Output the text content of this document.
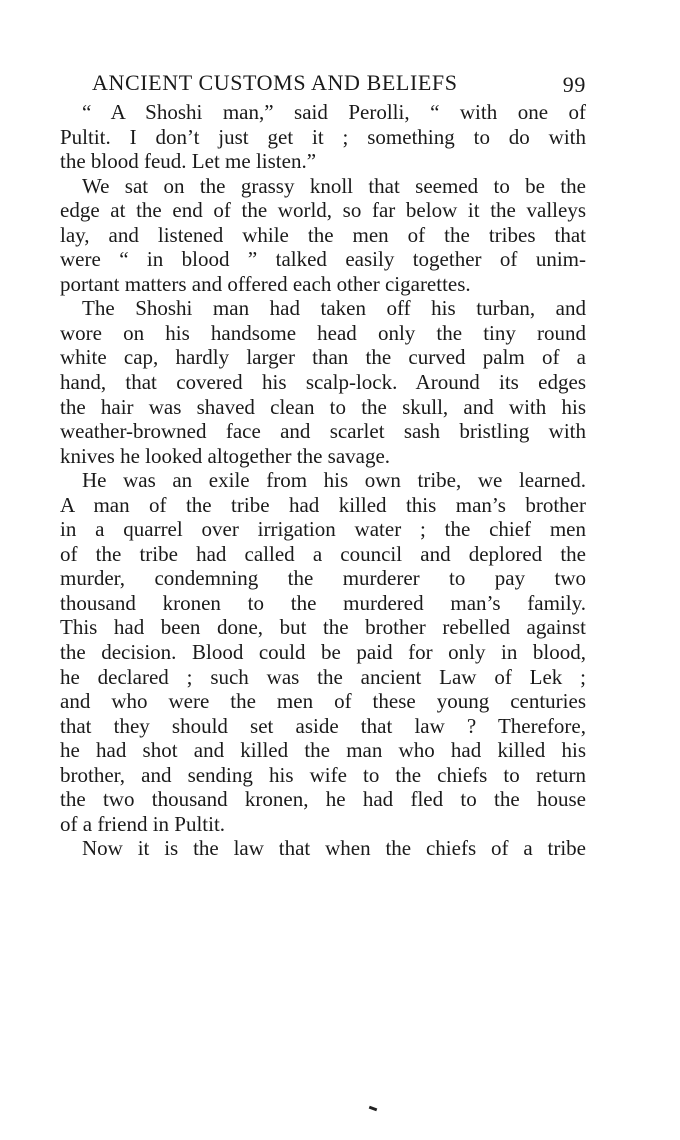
ANCIENT CUSTOMS AND BELIEFS	99
“ A Shoshi man,” said Perolli, “ with one of
Pultit. I don’t just get it ; something to do with
the blood feud. Let me listen.”
We sat on the grassy knoll that seemed to be the
edge at the end of the world, so far below it the valleys
lay, and listened while the men of the tribes that
were “ in blood ” talked easily together of unim-
portant matters and offered each other cigarettes.
The Shoshi man had taken off his turban, and
wore on his handsome head only the tiny round
white cap, hardly larger than the curved palm of a
hand, that covered his scalp-lock. Around its edges
the hair was shaved clean to the skull, and with his
weather-browned face and scarlet sash bristling with
knives he looked altogether the savage.
He was an exile from his own tribe, we learned.
A man of the tribe had killed this man’s brother
in a quarrel over irrigation water ; the chief men
of the tribe had called a council and deplored the
murder, condemning the murderer to pay two
thousand kronen to the murdered man’s family.
This had been done, but the brother rebelled against
the decision. Blood could be paid for only in blood,
he declared ; such was the ancient Law of Lek ;
and who were the men of these young centuries
that they should set aside that law ? Therefore,
he had shot and killed the man who had killed his
brother, and sending his wife to the chiefs to return
the two thousand kronen, he had fled to the house
of a friend in Pultit.
Now it is the law that when the chiefs of a tribe
